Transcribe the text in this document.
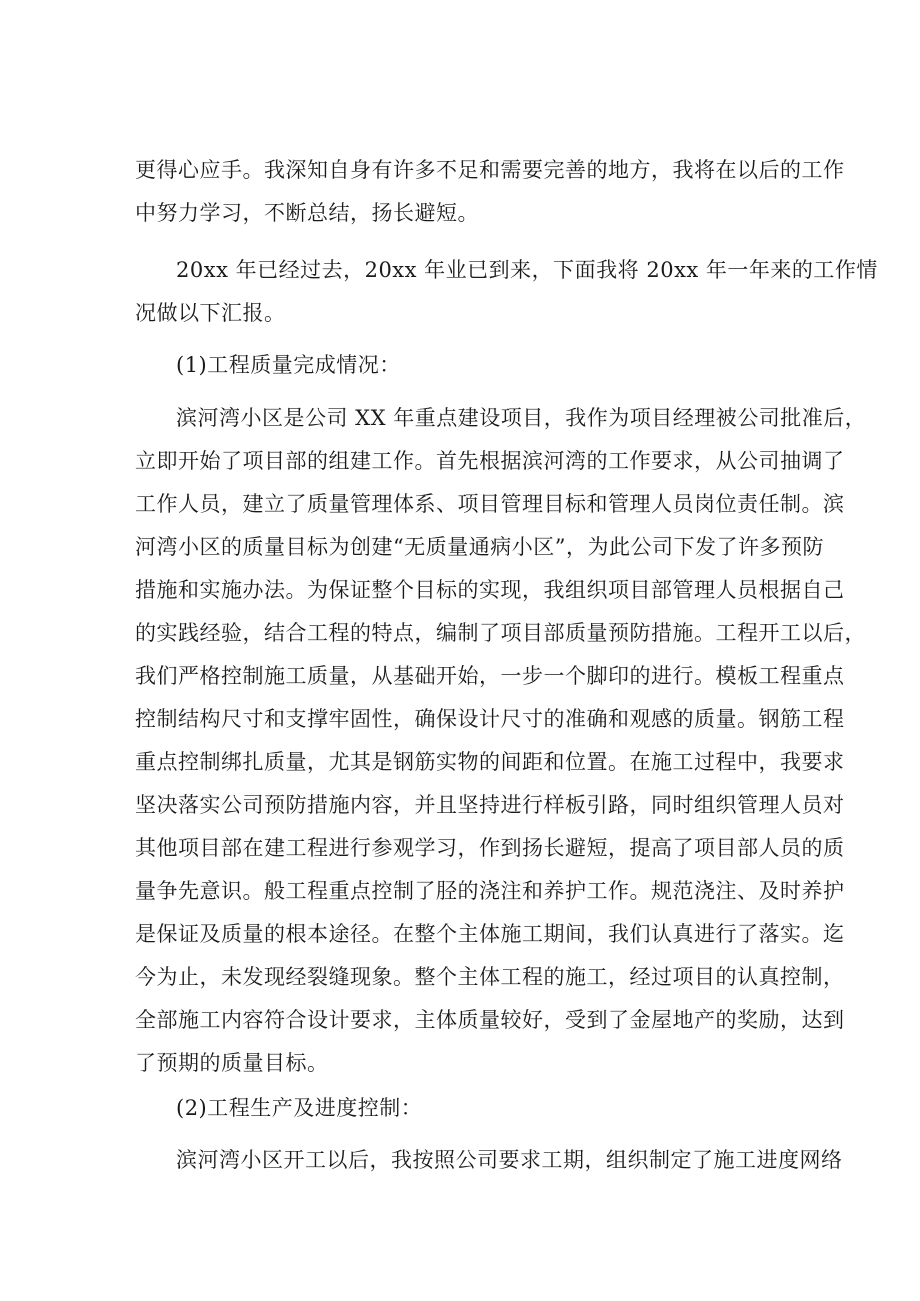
更得心应手。我深知自身有许多不足和需要完善的地方，我将在以后的工作
中努力学习，不断总结，扬长避短。
20xx 年已经过去，20xx 年业已到来，下面我将 20xx 年一年来的工作情
况做以下汇报。
(1)工程质量完成情况：
滨河湾小区是公司 XX 年重点建设项目，我作为项目经理被公司批准后，
立即开始了项目部的组建工作。首先根据滨河湾的工作要求，从公司抽调了
工作人员，建立了质量管理体系、项目管理目标和管理人员岗位责任制。滨
河湾小区的质量目标为创建“无质量通病小区”，为此公司下发了许多预防
措施和实施办法。为保证整个目标的实现，我组织项目部管理人员根据自己
的实践经验，结合工程的特点，编制了项目部质量预防措施。工程开工以后，
我们严格控制施工质量，从基础开始，一步一个脚印的进行。模板工程重点
控制结构尺寸和支撑牢固性，确保设计尺寸的准确和观感的质量。钢筋工程
重点控制绑扎质量，尤其是钢筋实物的间距和位置。在施工过程中，我要求
坚决落实公司预防措施内容，并且坚持进行样板引路，同时组织管理人员对
其他项目部在建工程进行参观学习，作到扬长避短，提高了项目部人员的质
量争先意识。般工程重点控制了胫的浇注和养护工作。规范浇注、及时养护
是保证及质量的根本途径。在整个主体施工期间，我们认真进行了落实。迄
今为止，未发现经裂缝现象。整个主体工程的施工，经过项目的认真控制，
全部施工内容符合设计要求，主体质量较好，受到了金屋地产的奖励，达到
了预期的质量目标。
(2)工程生产及进度控制：
滨河湾小区开工以后，我按照公司要求工期，组织制定了施工进度网络
